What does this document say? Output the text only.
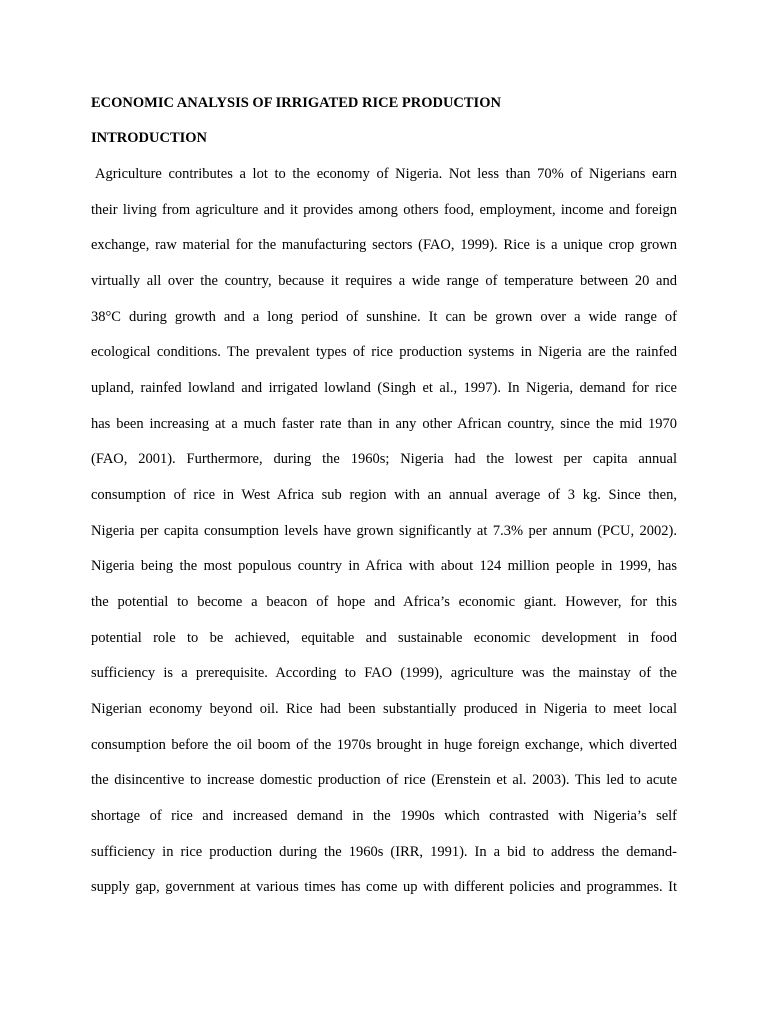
ECONOMIC ANALYSIS OF IRRIGATED RICE PRODUCTION
INTRODUCTION
Agriculture contributes a lot to the economy of Nigeria. Not less than 70% of Nigerians earn
their living from agriculture and it provides among others food, employment, income and foreign
exchange, raw material for the manufacturing sectors (FAO, 1999). Rice is a unique crop grown
virtually all over the country, because it requires a wide range of temperature between 20 and
38°C during growth and a long period of sunshine. It can be grown over a wide range of
ecological conditions. The prevalent types of rice production systems in Nigeria are the rainfed
upland, rainfed lowland and irrigated lowland (Singh et al., 1997). In Nigeria, demand for rice
has been increasing at a much faster rate than in any other African country, since the mid 1970
(FAO, 2001). Furthermore, during the 1960s; Nigeria had the lowest per capita annual
consumption of rice in West Africa sub region with an annual average of 3 kg. Since then,
Nigeria per capita consumption levels have grown significantly at 7.3% per annum (PCU, 2002).
Nigeria being the most populous country in Africa with about 124 million people in 1999, has
the potential to become a beacon of hope and Africa’s economic giant. However, for this
potential role to be achieved, equitable and sustainable economic development in food
sufficiency is a prerequisite. According to FAO (1999), agriculture was the mainstay of the
Nigerian economy beyond oil. Rice had been substantially produced in Nigeria to meet local
consumption before the oil boom of the 1970s brought in huge foreign exchange, which diverted
the disincentive to increase domestic production of rice (Erenstein et al. 2003). This led to acute
shortage of rice and increased demand in the 1990s which contrasted with Nigeria’s self
sufficiency in rice production during the 1960s (IRR, 1991). In a bid to address the demand-
supply gap, government at various times has come up with different policies and programmes. It
